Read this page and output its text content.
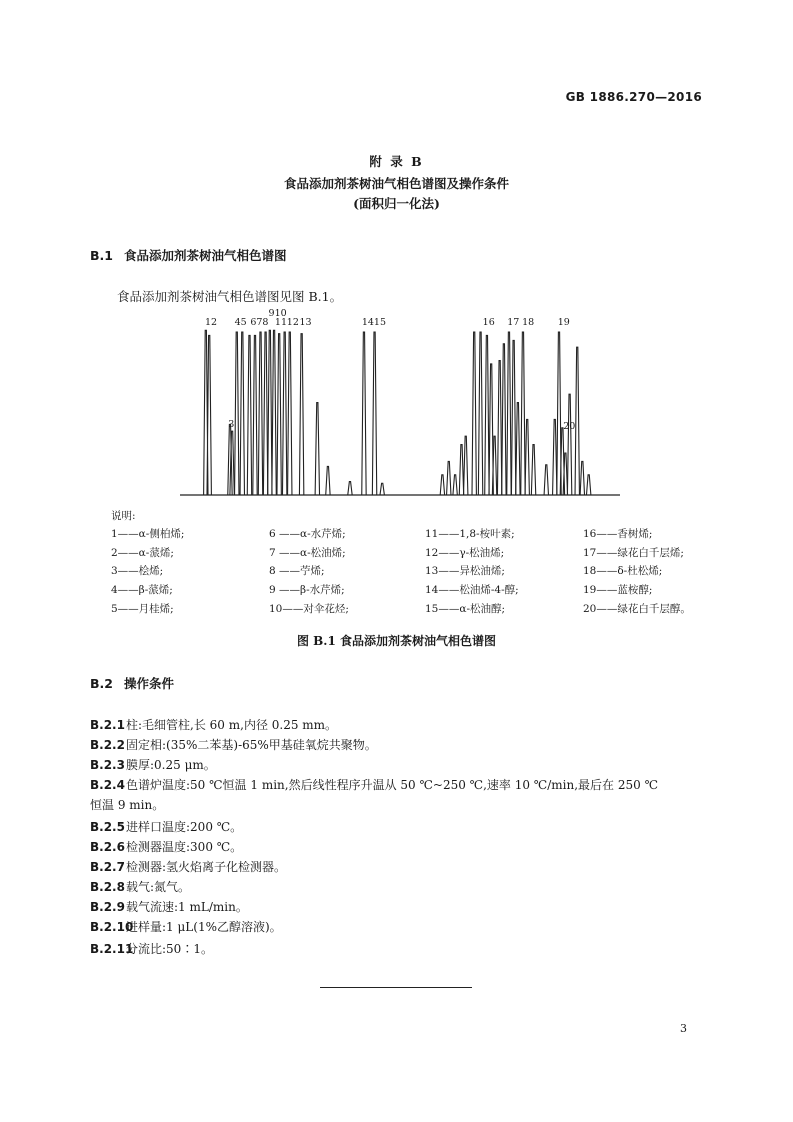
GB 1886.270—2016
附 录 B
食品添加剂茶树油气相色谱图及操作条件
(面积归一化法)
B.1 食品添加剂茶树油气相色谱图
食品添加剂茶树油气相色谱图见图 B.1。
12
3
45 678
910
11 12 13	1415	16 17 18 19
20
说明:
1——α-侧柏烯;
2——α-蒎烯;
3——桧烯;
4——β-蒎烯;
5——月桂烯;
6 ——α-水芹烯;
7 ——α-松油烯;
8 ——苧烯;
9 ——β-水芹烯;
10——对伞花烃;
11——1,8-桉叶素;
12——γ-松油烯;
13——异松油烯;
14——松油烯-4-醇;
15——α-松油醇;
16——香树烯;
17——绿花白千层烯;
18——δ-杜松烯;
19——蓝桉醇;
20——绿花白千层醇。
图 B.1 食品添加剂茶树油气相色谱图
B.2 操作条件
B.2.1柱:毛细管柱,长 60 m,内径 0.25 mm。
B.2.2固定相:(35%二苯基)-65%甲基硅氧烷共聚物。
B.2.3膜厚:0.25 μm。
B.2.4色谱炉温度:50 ℃恒温 1 min,然后线性程序升温从 50 ℃~250 ℃,速率 10 ℃/min,最后在 250 ℃
恒温 9 min。
B.2.5进样口温度:200 ℃。
B.2.6检测器温度:300 ℃。
B.2.7检测器:氢火焰离子化检测器。
B.2.8载气:氮气。
B.2.9载气流速:1 mL/min。
B.2.10进样量:1 μL(1%乙醇溶液)。
B.2.11分流比:50∶1。
3
